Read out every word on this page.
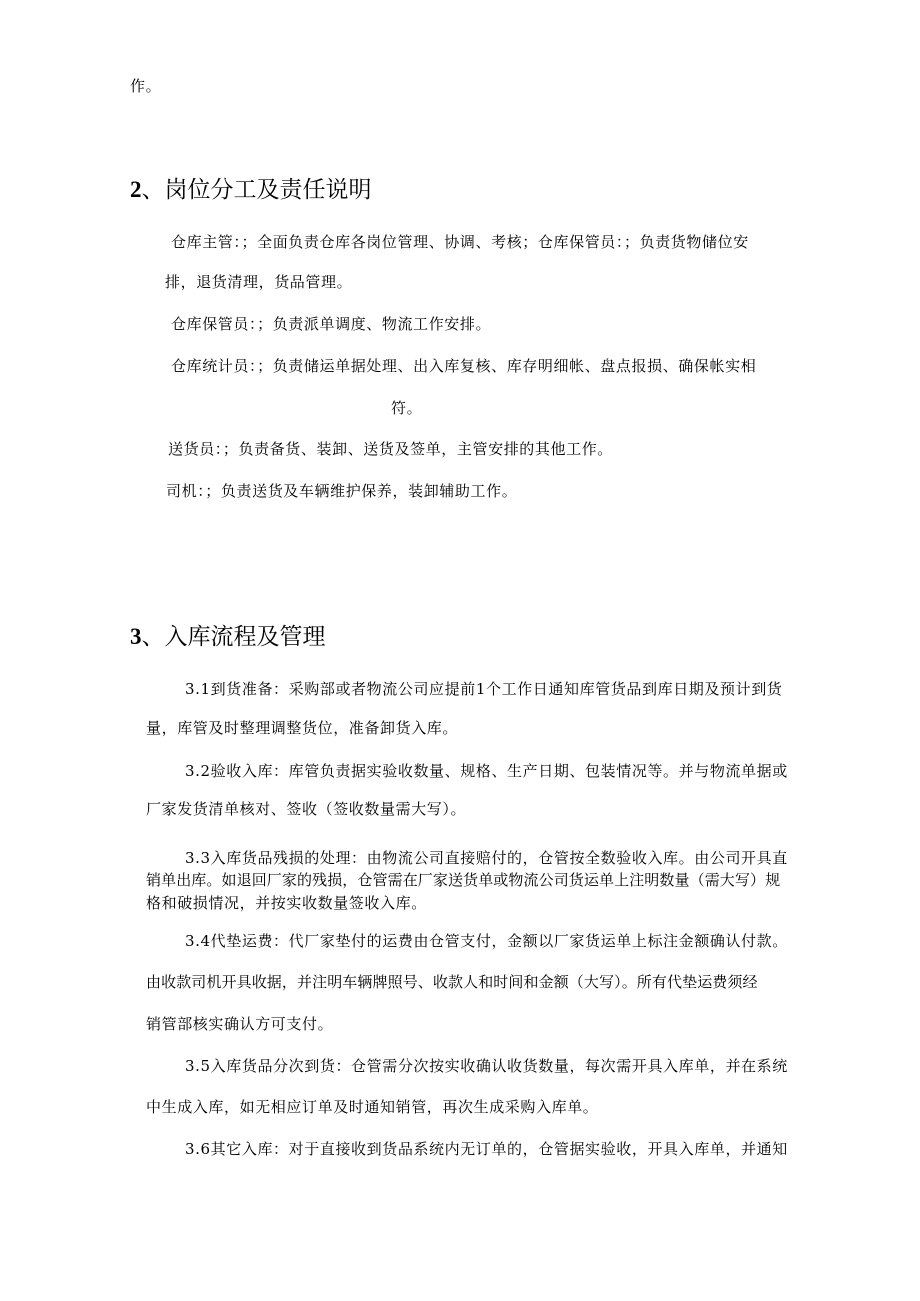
作。
2、岗位分工及责任说明
仓库主管：；全面负责仓库各岗位管理、协调、考核；仓库保管员：；负责货物储位安
排，退货清理，货品管理。
仓库保管员：；负责派单调度、物流工作安排。
仓库统计员：；负责储运单据处理、出入库复核、库存明细帐、盘点报损、确保帐实相
符。
送货员：；负责备货、装卸、送货及签单，主管安排的其他工作。
司机：；负责送货及车辆维护保养，装卸辅助工作。
3、入库流程及管理
3.1到货准备：采购部或者物流公司应提前1个工作日通知库管货品到库日期及预计到货
量，库管及时整理调整货位，准备卸货入库。
3.2验收入库：库管负责据实验收数量、规格、生产日期、包装情况等。并与物流单据或
厂家发货清单核对、签收（签收数量需大写）。
3.3入库货品残损的处理：由物流公司直接赔付的，仓管按全数验收入库。由公司开具直
销单出库。如退回厂家的残损，仓管需在厂家送货单或物流公司货运单上注明数量（需大写）规
格和破损情况，并按实收数量签收入库。
3.4代垫运费：代厂家垫付的运费由仓管支付，金额以厂家货运单上标注金额确认付款。
由收款司机开具收据，并注明车辆牌照号、收款人和时间和金额（大写）。所有代垫运费须经
销管部核实确认方可支付。
3.5入库货品分次到货：仓管需分次按实收确认收货数量，每次需开具入库单，并在系统
中生成入库，如无相应订单及时通知销管，再次生成采购入库单。
3.6其它入库：对于直接收到货品系统内无订单的，仓管据实验收，开具入库单，并通知
